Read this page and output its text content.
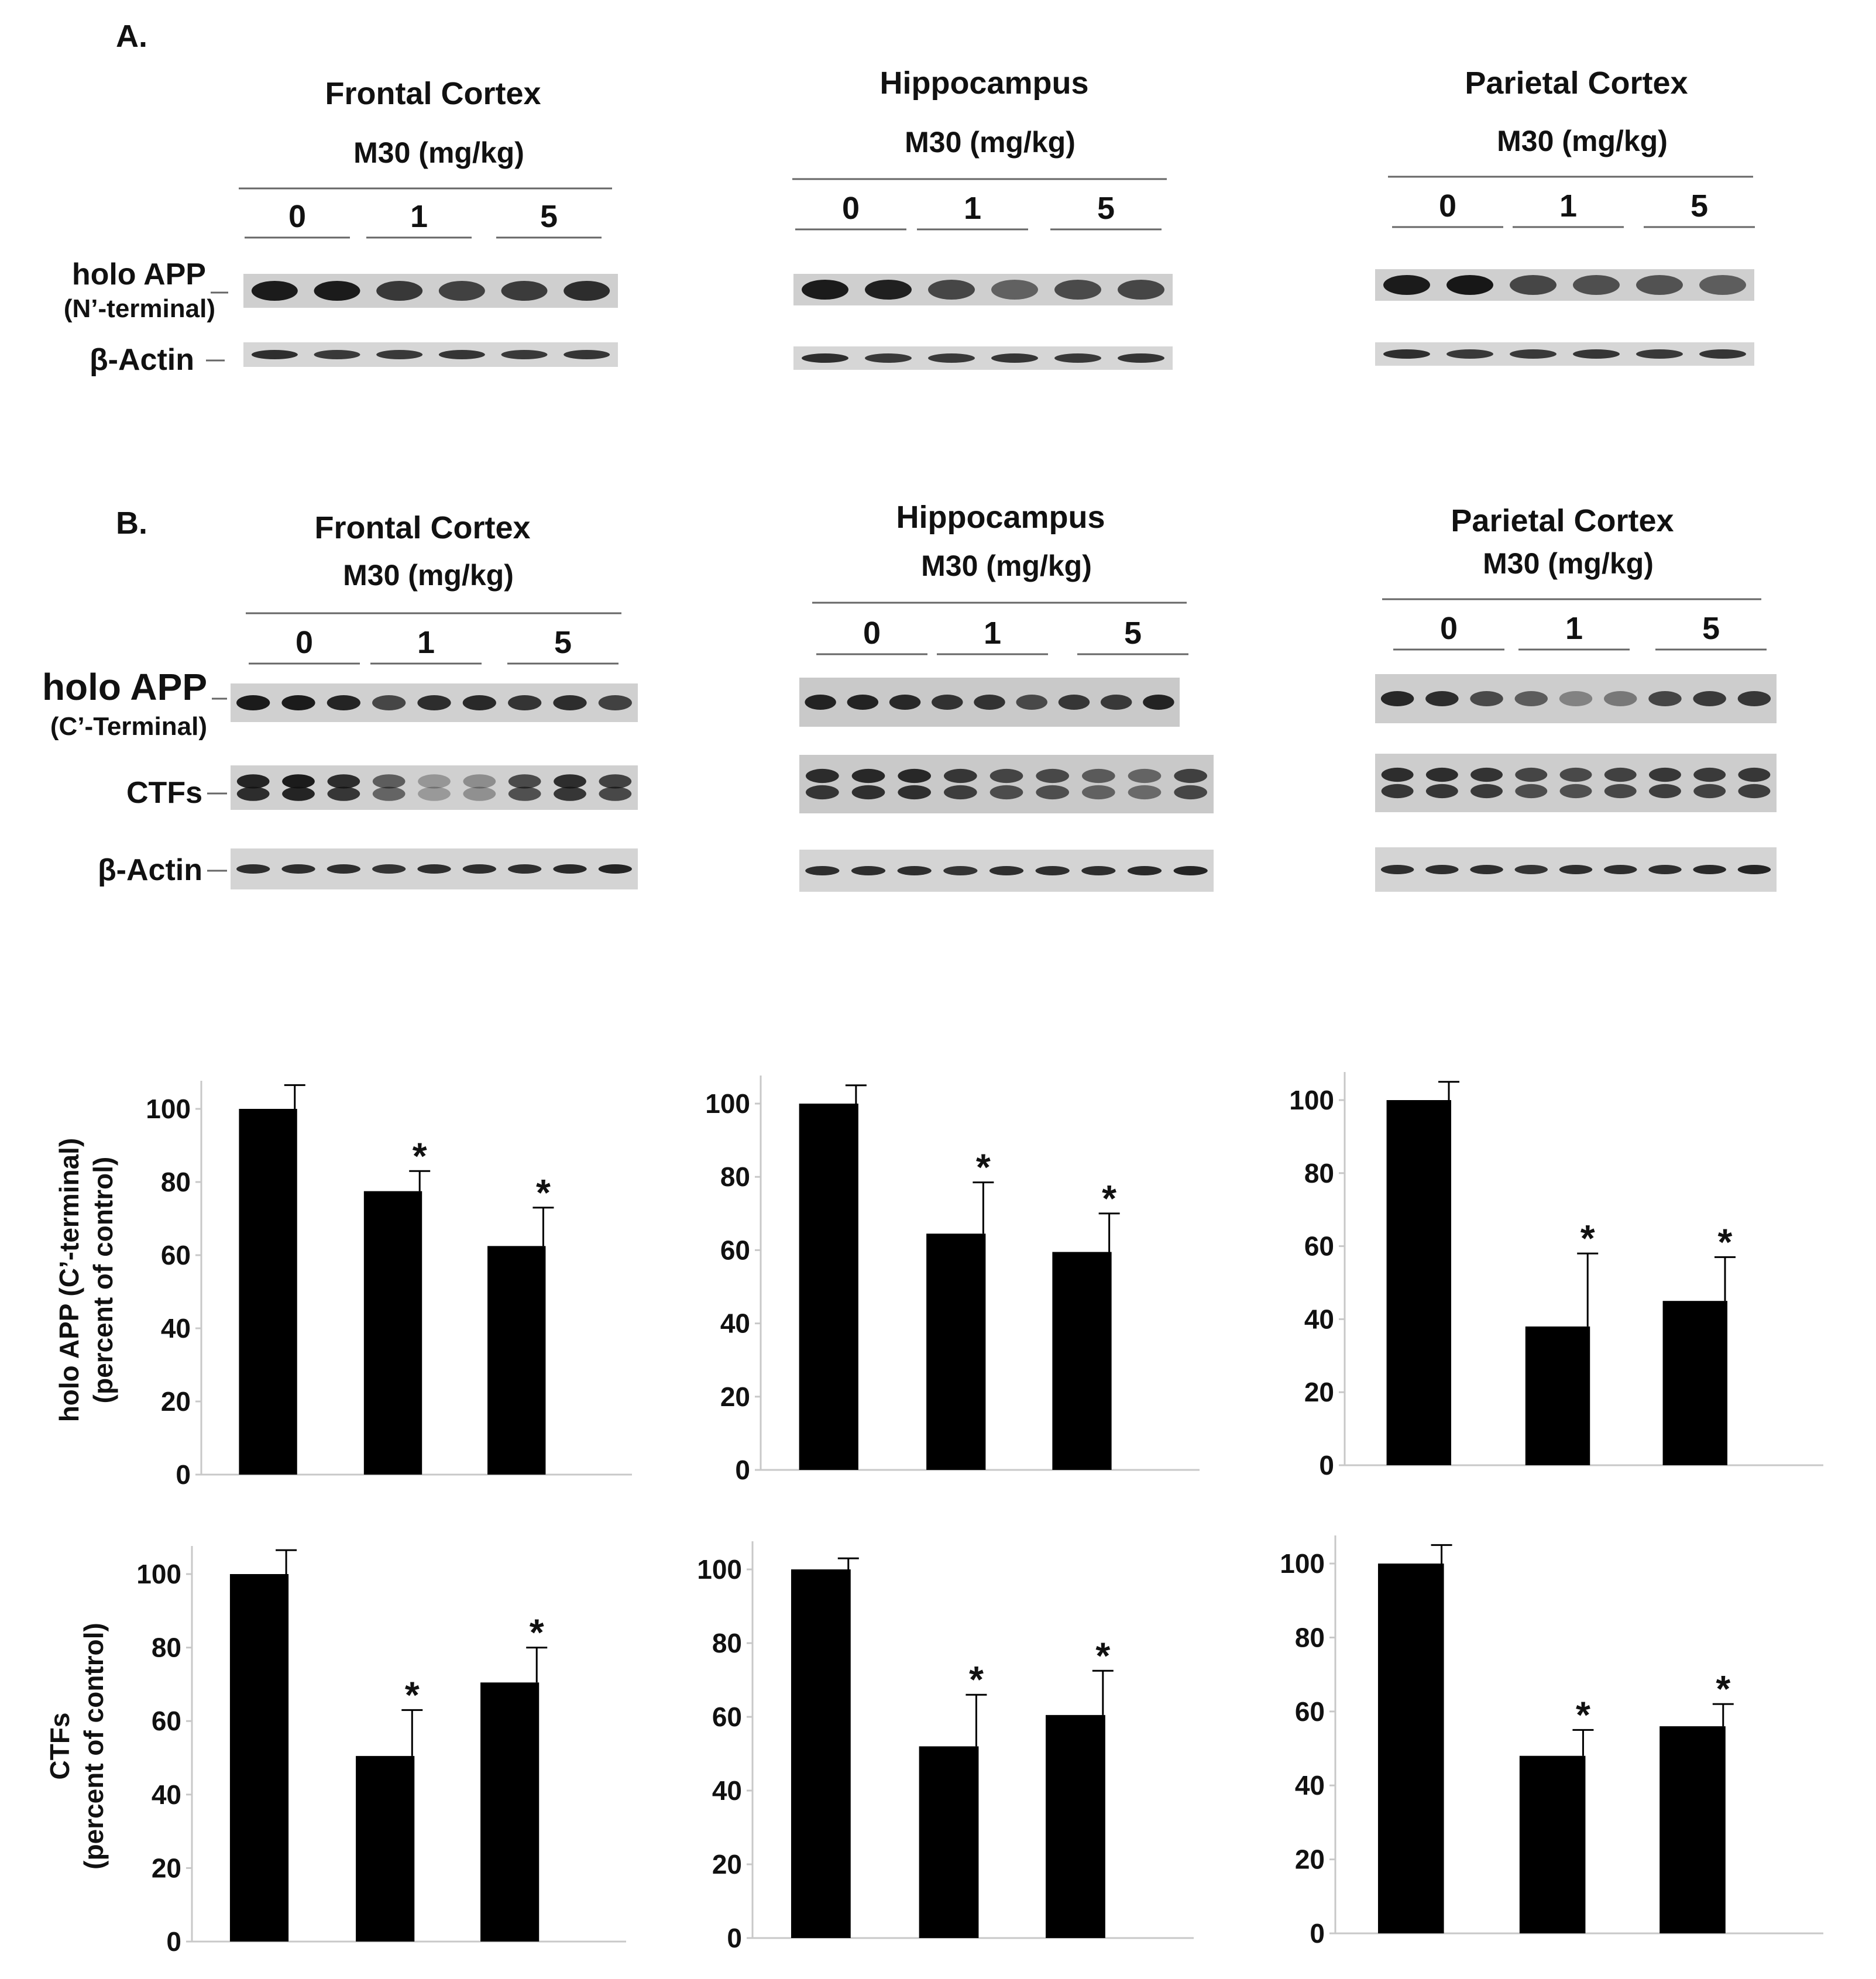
A.
Frontal Cortex
M30 (mg/kg)
0	1	5
Hippocampus
M30 (mg/kg)
0	1	5
Parietal Cortex
M30 (mg/kg)
0	1	5
holo APP
(N’-terminal)
β-Actin
B.	Frontal Cortex
M30 (mg/kg)
0	1	5
Hippocampus
M30 (mg/kg)
0	1	5
Parietal Cortex
M30 (mg/kg)
0	1	5
holo APP
(C’-Terminal)
CTFs
β-Actin
0
20
40
60
80
100
*
*
holo APP (C’-terminal) (percent of control)
0
20
40
60
80
100
*
*
0
20
40
60
80
100
*	*
0
20
40
60
80
100
*
*
CTFs (percent of control)
0
20
40
60
80
100
*
*
0
20
40
60
80
100
*
*
